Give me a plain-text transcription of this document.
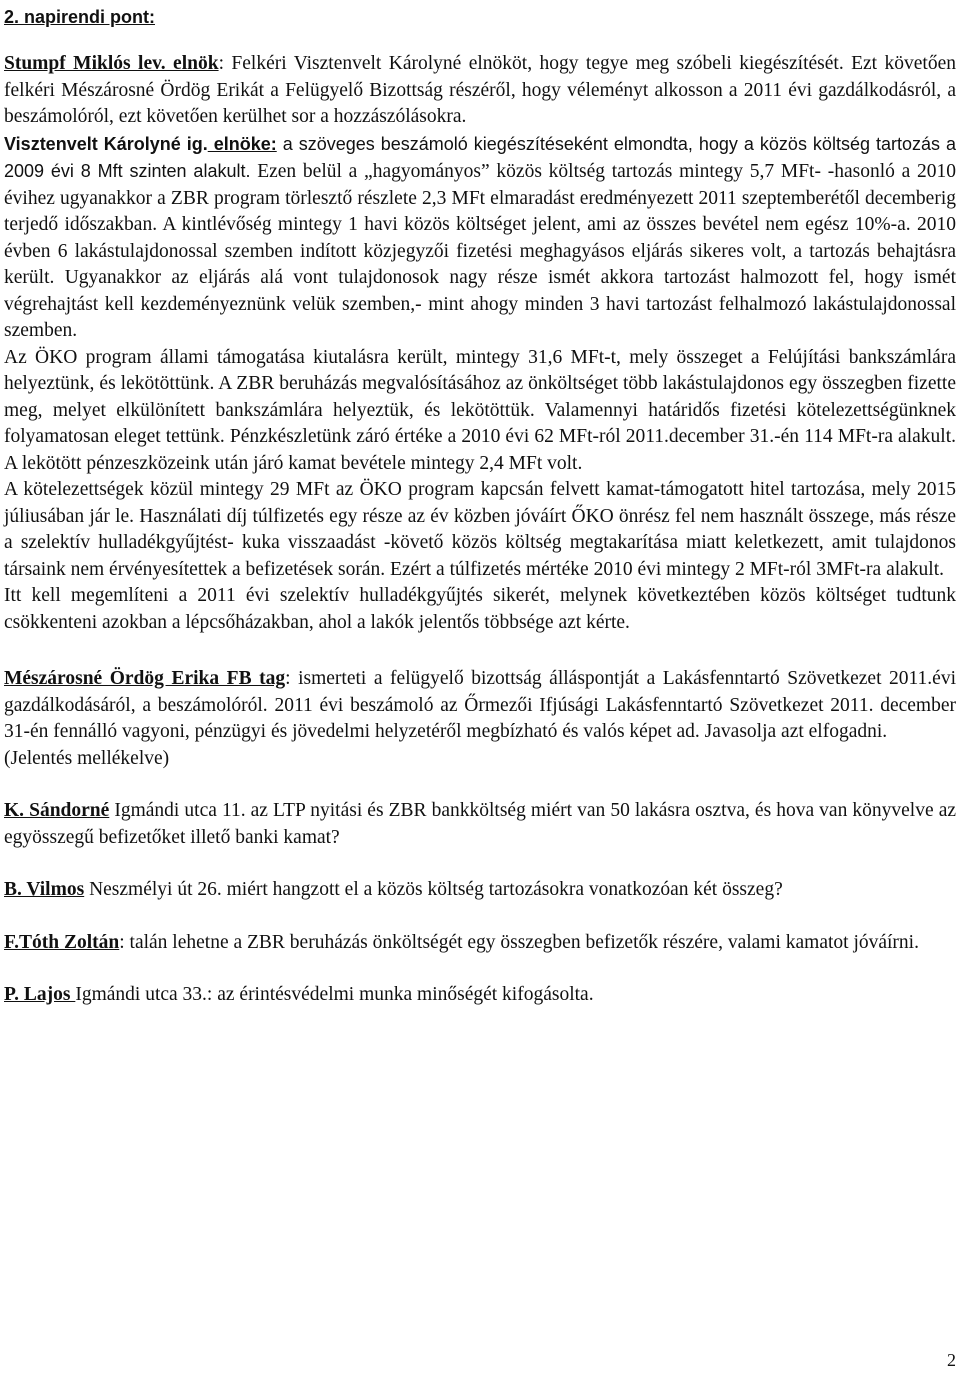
2. napirendi pont:

Stumpf Miklós lev. elnök: Felkéri Visztenvelt Károlyné elnököt, hogy tegye meg szóbeli kiegészítését. Ezt követően felkéri Mészárosné Ördög Erikát a Felügyelő Bizottság részéről, hogy véleményt alkosson a 2011 évi gazdálkodásról, a beszámolóról, ezt követően kerülhet sor a hozzászólásokra.

Visztenvelt Károlyné ig. elnöke: a szöveges beszámoló kiegészítéseként elmondta, hogy a közös költség tartozás a 2009 évi 8 Mft szinten alakult. Ezen belül a „hagyományos” közös költség tartozás mintegy 5,7 MFt- -hasonló a 2010 évihez ugyanakkor a ZBR program törlesztő részlete 2,3 MFt elmaradást eredményezett 2011 szeptemberétől decemberig terjedő időszakban. A kintlévőség mintegy 1 havi közös költséget jelent, ami az összes bevétel nem egész 10%-a. 2010 évben 6 lakástulajdonossal szemben indított közjegyzői fizetési meghagyásos eljárás sikeres volt, a tartozás behajtásra került. Ugyanakkor az eljárás alá vont tulajdonosok nagy része ismét akkora tartozást halmozott fel, hogy ismét végrehajtást kell kezdeményeznünk velük szemben,- mint ahogy minden 3 havi tartozást felhalmozó lakástulajdonossal szemben.

Az ÖKO program állami támogatása kiutalásra került, mintegy 31,6 MFt-t, mely összeget a Felújítási bankszámlára helyeztünk, és lekötöttünk. A ZBR beruházás megvalósításához az önköltséget több lakástulajdonos egy összegben fizette meg, melyet elkülönített bankszámlára helyeztük, és lekötöttük. Valamennyi határidős fizetési kötelezettségünknek folyamatosan eleget tettünk. Pénzkészletünk záró értéke a 2010 évi 62 MFt-ról 2011.december 31.-én 114 MFt-ra alakult. A lekötött pénzeszközeink után járó kamat bevétele mintegy 2,4 MFt volt.

A kötelezettségek közül mintegy 29 MFt az ÖKO program kapcsán felvett kamat-támogatott hitel tartozása, mely 2015 júliusában jár le. Használati díj túlfizetés egy része az év közben jóváírt ŐKO önrész fel nem használt összege, más része a szelektív hulladékgyűjtést- kuka visszaadást -követő közös költség megtakarítása miatt keletkezett, amit tulajdonos társaink nem érvényesítettek a befizetések során. Ezért a túlfizetés mértéke 2010 évi mintegy 2 MFt-ról 3MFt-ra alakult.

Itt kell megemlíteni a 2011 évi szelektív hulladékgyűjtés sikerét, melynek következtében közös költséget tudtunk csökkenteni azokban a lépcsőházakban, ahol a lakók jelentős többsége azt kérte.

Mészárosné Ördög Erika FB tag: ismerteti a felügyelő bizottság álláspontját a Lakásfenntartó Szövetkezet 2011.évi gazdálkodásáról, a beszámolóról. 2011 évi beszámoló az Őrmezői Ifjúsági Lakásfenntartó Szövetkezet 2011. december 31-én fennálló vagyoni, pénzügyi és jövedelmi helyzetéről megbízható és valós képet ad. Javasolja azt elfogadni.

(Jelentés mellékelve)

K. Sándorné Igmándi utca 11. az LTP nyitási és ZBR bankköltség miért van 50 lakásra osztva, és hova van könyvelve az egyösszegű befizetőket illető banki kamat?

B. Vilmos Neszmélyi út 26. miért hangzott el a közös költség tartozásokra vonatkozóan két összeg?

F.Tóth Zoltán: talán lehetne a ZBR beruházás önköltségét egy összegben befizetők részére, valami kamatot jóváírni.

P. Lajos Igmándi utca 33.: az érintésvédelmi munka minőségét kifogásolta.

2
